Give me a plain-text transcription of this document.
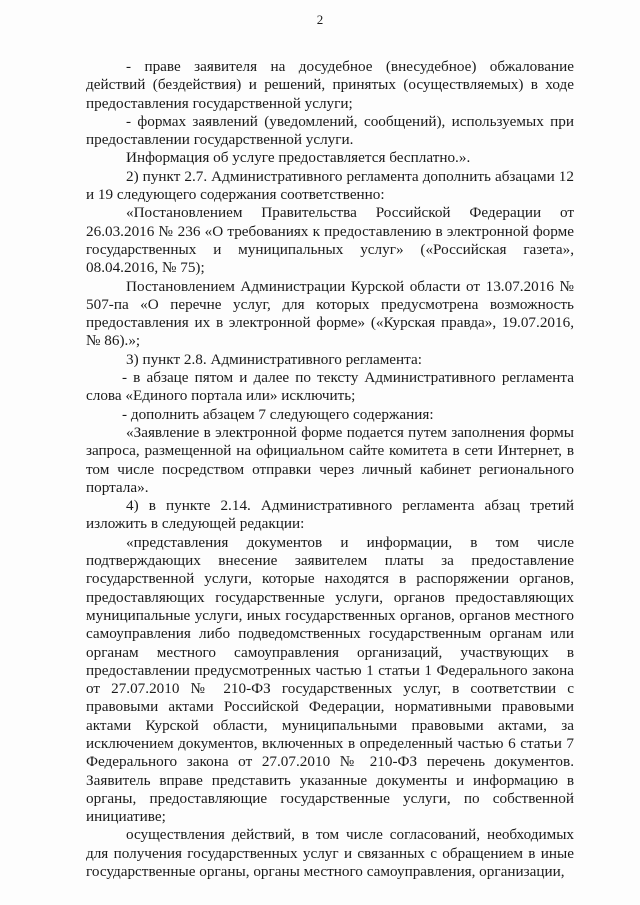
2

- праве заявителя на досудебное (внесудебное) обжалование действий (бездействия) и решений, принятых (осуществляемых) в ходе предоставления государственной услуги;

- формах заявлений (уведомлений, сообщений), используемых при предоставлении государственной услуги.

Информация об услуге предоставляется бесплатно.».

2) пункт 2.7. Административного регламента дополнить абзацами 12 и 19 следующего содержания соответственно:

«Постановлением Правительства Российской Федерации от 26.03.2016 № 236 «О требованиях к предоставлению в электронной форме государственных и муниципальных услуг» («Российская газета», 08.04.2016, № 75);

Постановлением Администрации Курской области от 13.07.2016 № 507-па «О перечне услуг, для которых предусмотрена возможность предоставления их в электронной форме» («Курская правда», 19.07.2016, № 86).»;

3) пункт 2.8. Административного регламента:

- в абзаце пятом и далее по тексту Административного регламента слова «Единого портала или» исключить;

- дополнить абзацем 7 следующего содержания:

«Заявление в электронной форме подается путем заполнения формы запроса, размещенной на официальном сайте комитета в сети Интернет, в том числе посредством отправки через личный кабинет регионального портала».

4) в пункте 2.14. Административного регламента абзац третий изложить в следующей редакции:

«представления документов и информации, в том числе подтверждающих внесение заявителем платы за предоставление государственной услуги, которые находятся в распоряжении органов, предоставляющих государственные услуги, органов предоставляющих муниципальные услуги, иных государственных органов, органов местного самоуправления либо подведомственных государственным органам или органам местного самоуправления организаций, участвующих в предоставлении предусмотренных частью 1 статьи 1 Федерального закона от 27.07.2010 № 210-ФЗ государственных услуг, в соответствии с правовыми актами Российской Федерации, нормативными правовыми актами Курской области, муниципальными правовыми актами, за исключением документов, включенных в определенный частью 6 статьи 7 Федерального закона от 27.07.2010 № 210-ФЗ перечень документов. Заявитель вправе представить указанные документы и информацию в органы, предоставляющие государственные услуги, по собственной инициативе;

осуществления действий, в том числе согласований, необходимых для получения государственных услуг и связанных с обращением в иные государственные органы, органы местного самоуправления, организации,
